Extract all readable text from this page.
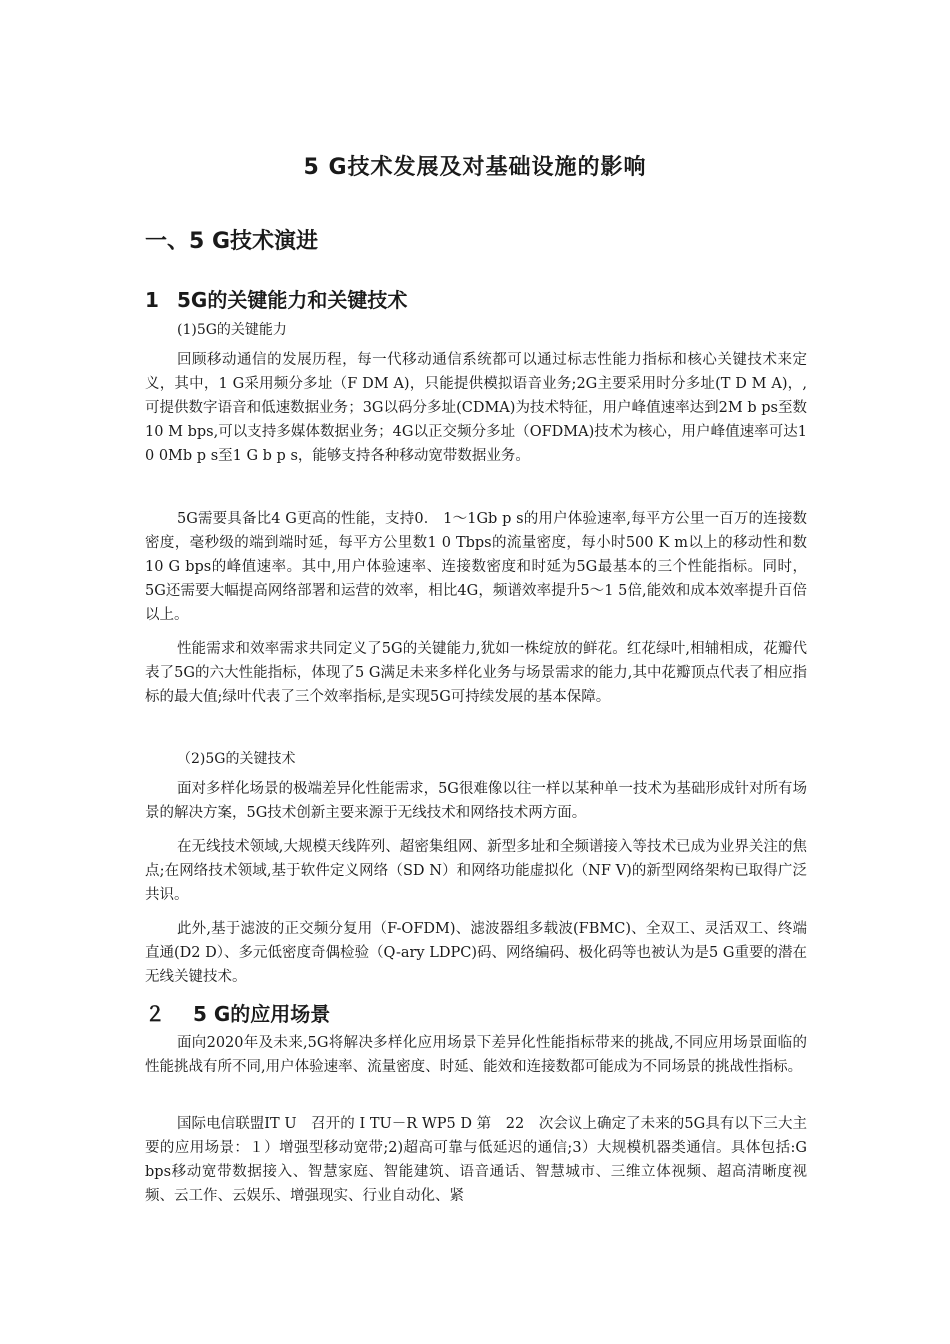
5 G技术发展及对基础设施的影响
一、5 G技术演进
1 5G的关键能力和关键技术

(1)5G的关键能力

回顾移动通信的发展历程，每一代移动通信系统都可以通过标志性能力指标和核心关键技术来定义，其中，1 G采用频分多址（F DM A)，只能提供模拟语音业务;2G主要采用时分多址(T D M A)，,可提供数字语音和低速数据业务；3G以码分多址(CDMA)为技术特征，用户峰值速率达到2M b ps至数10 M bps,可以支持多媒体数据业务；4G以正交频分多址（OFDMA)技术为核心，用户峰值速率可达1 0 0Mb p s至1 G b p s，能够支持各种移动宽带数据业务。

5G需要具备比4 G更高的性能，支持0． 1～1Gb p s的用户体验速率,每平方公里一百万的连接数密度，毫秒级的端到端时延，每平方公里数1 0 Tbps的流量密度，每小时500 K m以上的移动性和数10 G bps的峰值速率。其中,用户体验速率、连接数密度和时延为5G最基本的三个性能指标。同时，5G还需要大幅提高网络部署和运营的效率，相比4G，频谱效率提升5～1 5倍,能效和成本效率提升百倍以上。

性能需求和效率需求共同定义了5G的关键能力,犹如一株绽放的鲜花。红花绿叶,相辅相成，花瓣代表了5G的六大性能指标，体现了5 G满足未来多样化业务与场景需求的能力,其中花瓣顶点代表了相应指标的最大值;绿叶代表了三个效率指标,是实现5G可持续发展的基本保障。

（2)5G的关键技术

面对多样化场景的极端差异化性能需求，5G很难像以往一样以某种单一技术为基础形成针对所有场景的解决方案，5G技术创新主要来源于无线技术和网络技术两方面。

在无线技术领域,大规模天线阵列、超密集组网、新型多址和全频谱接入等技术已成为业界关注的焦点;在网络技术领域,基于软件定义网络（SD N）和网络功能虚拟化（NF V)的新型网络架构已取得广泛共识。

此外,基于滤波的正交频分复用（F-OFDM)、滤波器组多载波(FBMC)、全双工、灵活双工、终端直通(D2 D）、多元低密度奇偶检验（Q-ary LDPC)码、网络编码、极化码等也被认为是5 G重要的潜在无线关键技术。

２ 5 G的应用场景

面向2020年及未来,5G将解决多样化应用场景下差异化性能指标带来的挑战,不同应用场景面临的性能挑战有所不同,用户体验速率、流量密度、时延、能效和连接数都可能成为不同场景的挑战性指标。

国际电信联盟IT U　召开的 I TU－R WP5 D 第　22　次会议上确定了未来的5G具有以下三大主要的应用场景：１）增强型移动宽带;2)超高可靠与低延迟的通信;3）大规模机器类通信。具体包括:G bps移动宽带数据接入、智慧家庭、智能建筑、语音通话、智慧城市、三维立体视频、超高清晰度视频、云工作、云娱乐、增强现实、行业自动化、紧
